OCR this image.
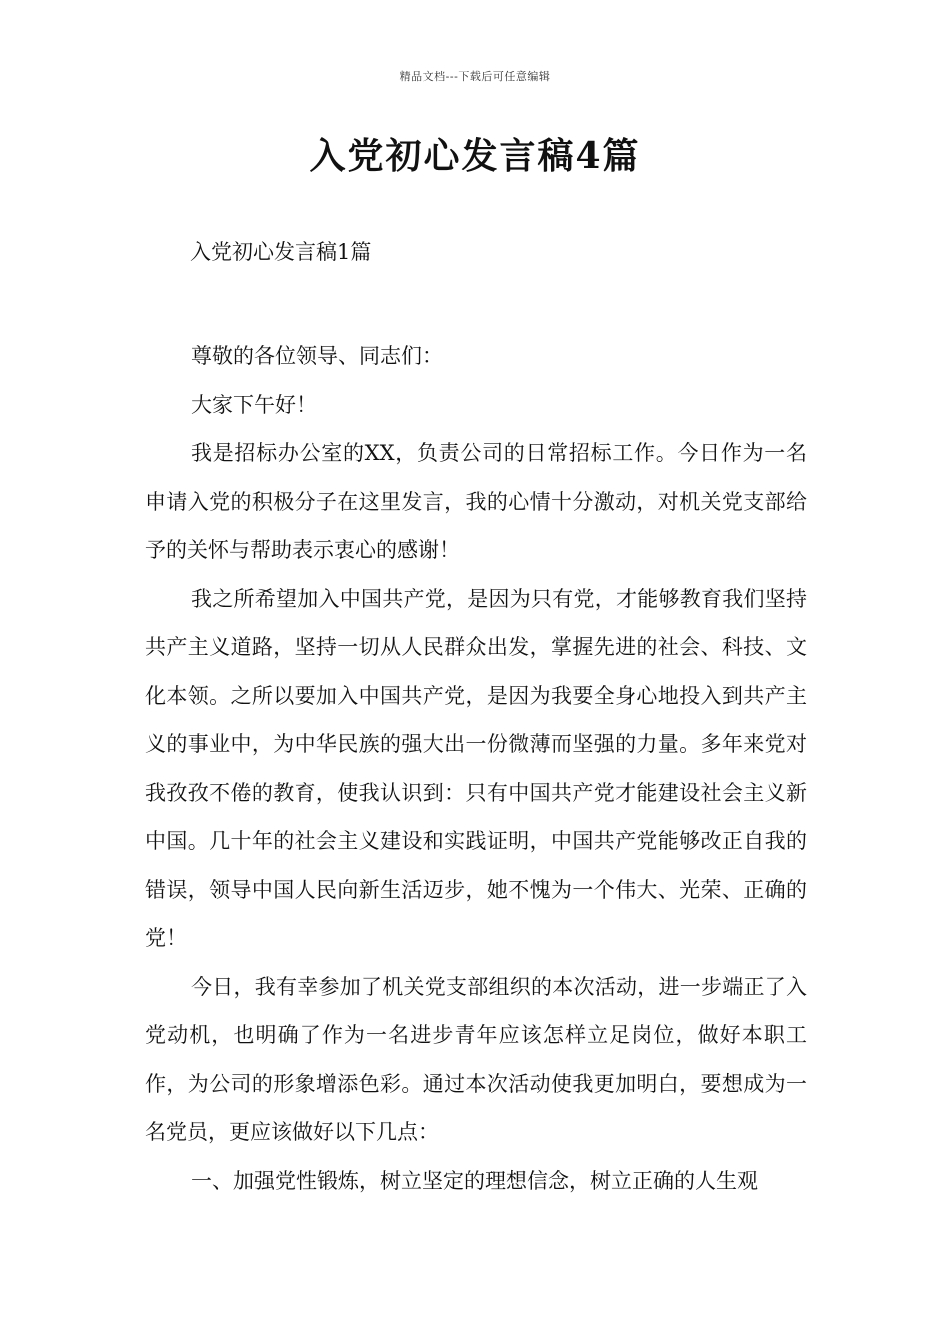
精品文档---下载后可任意编辑
入党初心发言稿4篇
入党初心发言稿1篇

尊敬的各位领导、同志们：

大家下午好！

我是招标办公室的XX，负责公司的日常招标工作。今日作为一名申请入党的积极分子在这里发言，我的心情十分激动，对机关党支部给予的关怀与帮助表示衷心的感谢！

我之所希望加入中国共产党，是因为只有党，才能够教育我们坚持共产主义道路，坚持一切从人民群众出发，掌握先进的社会、科技、文化本领。之所以要加入中国共产党，是因为我要全身心地投入到共产主义的事业中，为中华民族的强大出一份微薄而坚强的力量。多年来党对我孜孜不倦的教育，使我认识到：只有中国共产党才能建设社会主义新中国。几十年的社会主义建设和实践证明，中国共产党能够改正自我的错误，领导中国人民向新生活迈步，她不愧为一个伟大、光荣、正确的党！

今日，我有幸参加了机关党支部组织的本次活动，进一步端正了入党动机，也明确了作为一名进步青年应该怎样立足岗位，做好本职工作，为公司的形象增添色彩。通过本次活动使我更加明白，要想成为一名党员，更应该做好以下几点：

一、加强党性锻炼，树立坚定的理想信念，树立正确的人生观
